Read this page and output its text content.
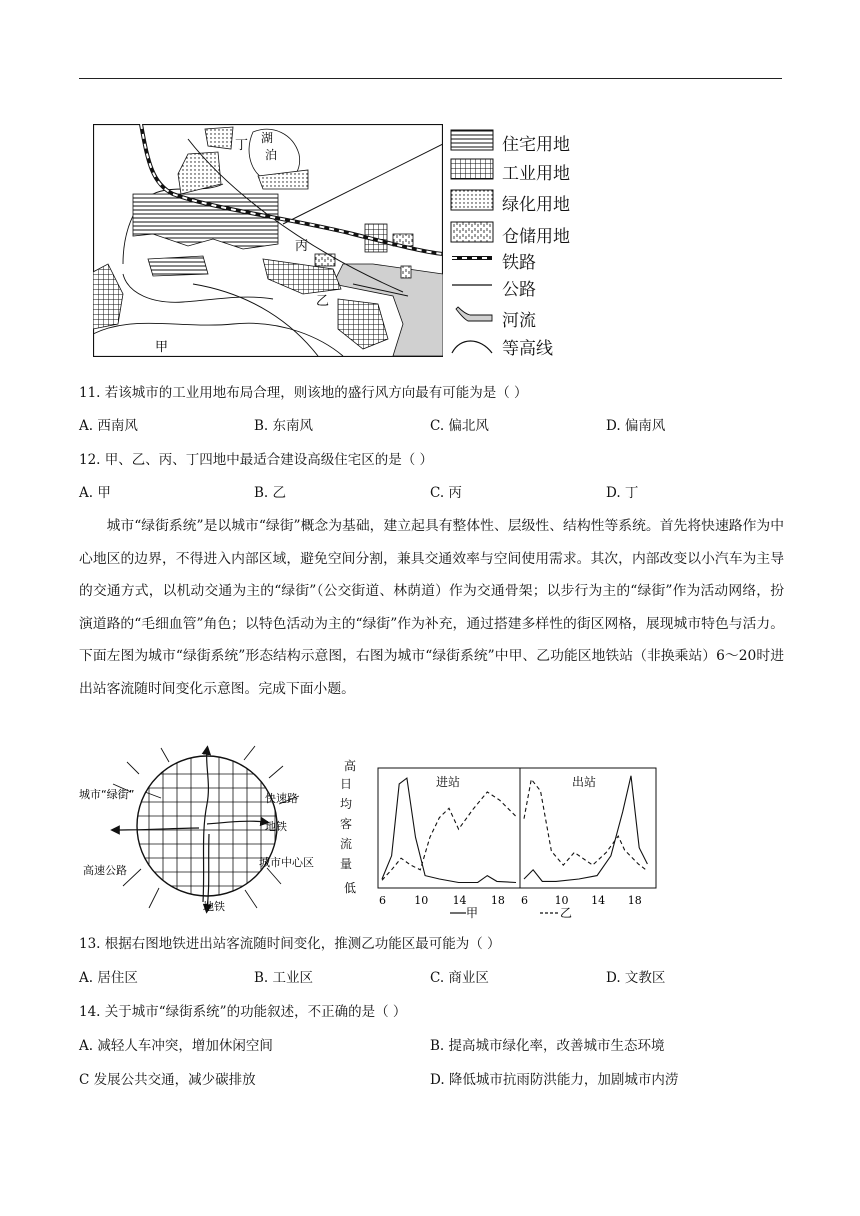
丁 湖
泊
丙
乙
甲
住宅用地
工业用地
绿化用地
仓储用地
铁路
公路
河流
等高线
11. 若该城市的工业用地布局合理，则该地的盛行风方向最有可能为是（ ）
A. 西南风	B. 东南风	C. 偏北风	D. 偏南风
12. 甲、乙、丙、丁四地中最适合建设高级住宅区的是（ ）
A. 甲	B. 乙	C. 丙	D. 丁

城市“绿街系统”是以城市“绿街”概念为基础，建立起具有整体性、层级性、结构性等系统。首先将快速路作为中心地区的边界，不得进入内部区域，避免空间分割，兼具交通效率与空间使用需求。其次，内部改变以小汽车为主导的交通方式，以机动交通为主的“绿街”（公交街道、林荫道）作为交通骨架；以步行为主的“绿街”作为活动网络，扮演道路的“毛细血管”角色；以特色活动为主的“绿街”作为补充，通过搭建多样性的街区网格，展现城市特色与活力。下面左图为城市“绿街系统”形态结构示意图，右图为城市“绿街系统”中甲、乙功能区地铁站（非换乘站）6～20时进出站客流随时间变化示意图。完成下面小题。

城市“绿街”	快速路
地铁
高速公路
城市中心区
地铁
高
低
进站	出站
6	10 14 18 6 10 14 18
甲	乙
日均客流量
13. 根据右图地铁进出站客流随时间变化，推测乙功能区最可能为（ ）
A. 居住区	B. 工业区	C. 商业区	D. 文教区
14. 关于城市“绿街系统”的功能叙述，不正确的是（ ）
A. 减轻人车冲突，增加休闲空间	B. 提高城市绿化率，改善城市生态环境
C 发展公共交通，减少碳排放	D. 降低城市抗雨防洪能力，加剧城市内涝
